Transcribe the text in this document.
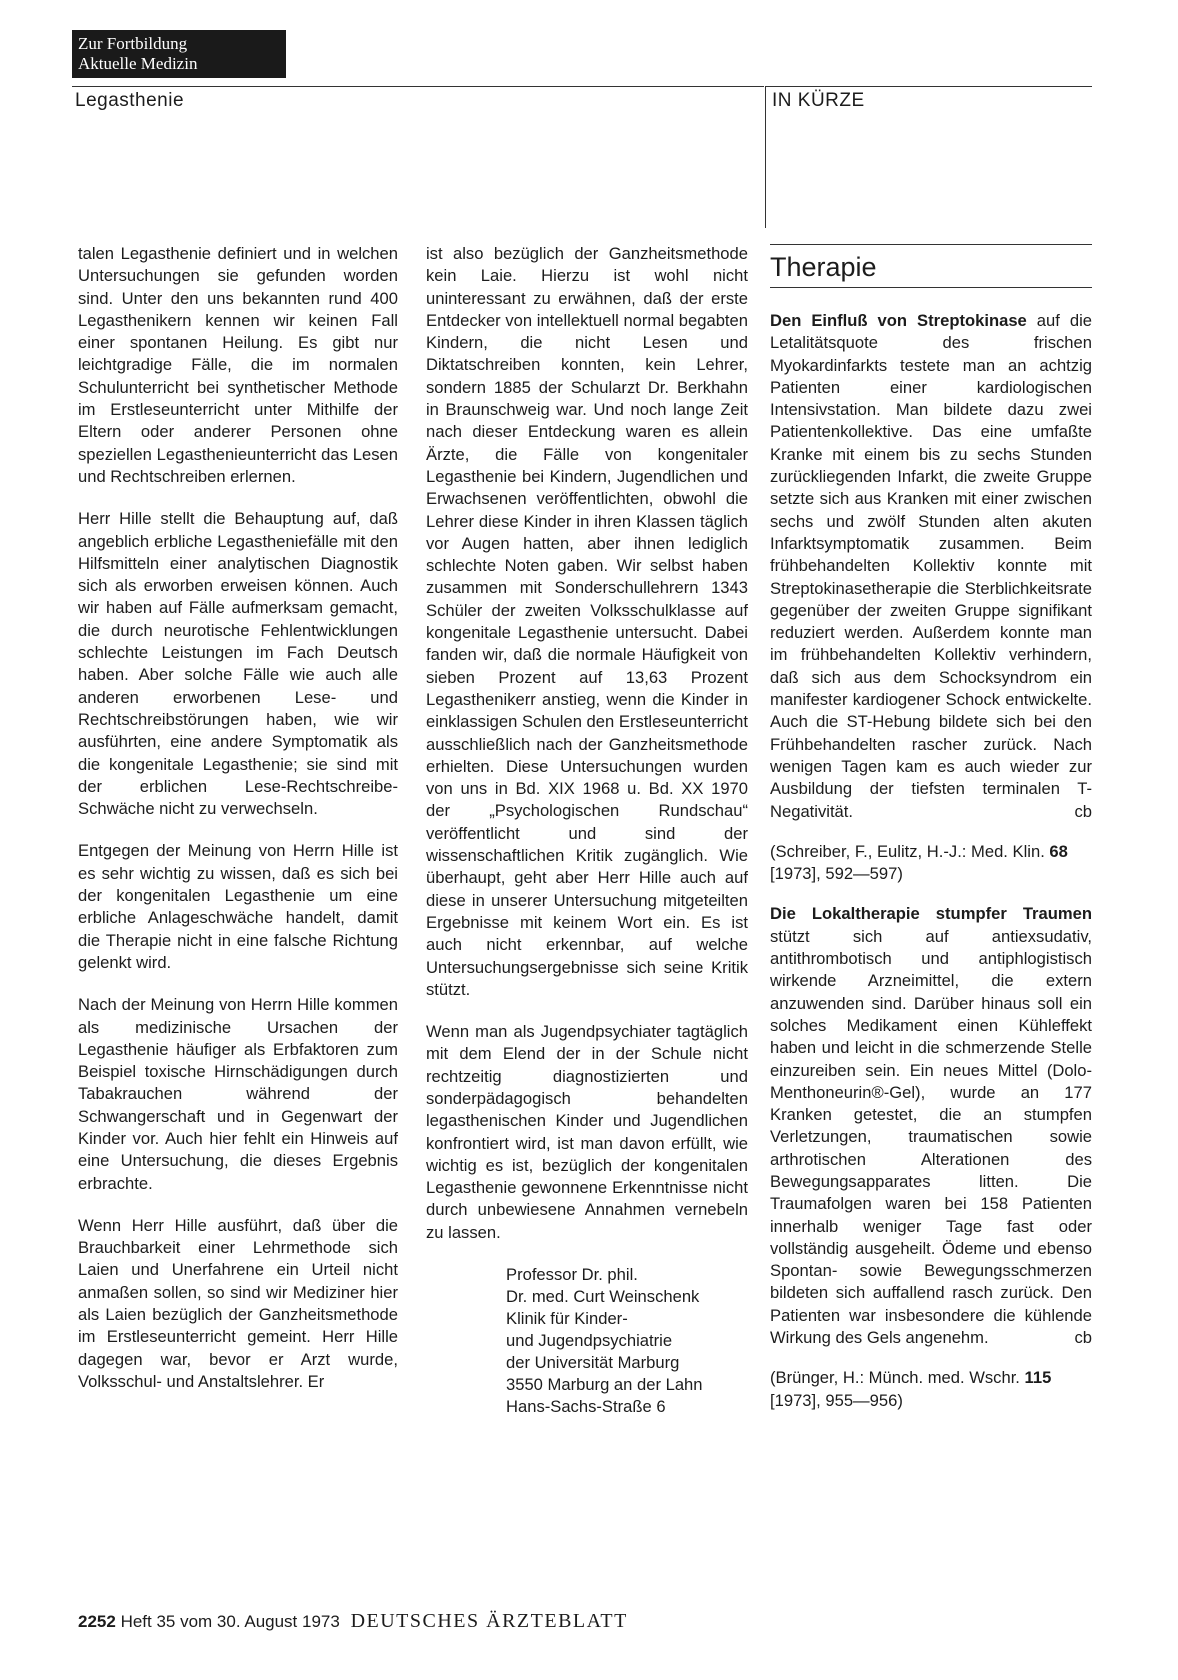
Zur Fortbildung
Aktuelle Medizin
Legasthenie	IN KÜRZE

talen Legasthenie definiert und in welchen Untersuchungen sie gefunden worden sind. Unter den uns bekannten rund 400 Legasthenikern kennen wir keinen Fall einer spontanen Heilung. Es gibt nur leichtgradige Fälle, die im normalen Schulunterricht bei synthetischer Methode im Erstleseunterricht unter Mithilfe der Eltern oder anderer Personen ohne speziellen Legasthenieunterricht das Lesen und Rechtschreiben erlernen.

Herr Hille stellt die Behauptung auf, daß angeblich erbliche Legastheniefälle mit den Hilfsmitteln einer analytischen Diagnostik sich als erworben erweisen können. Auch wir haben auf Fälle aufmerksam gemacht, die durch neurotische Fehlentwicklungen schlechte Leistungen im Fach Deutsch haben. Aber solche Fälle wie auch alle anderen erworbenen Lese- und Rechtschreibstörungen haben, wie wir ausführten, eine andere Symptomatik als die kongenitale Legasthenie; sie sind mit der erblichen Lese-Rechtschreibe-Schwäche nicht zu verwechseln.

Entgegen der Meinung von Herrn Hille ist es sehr wichtig zu wissen, daß es sich bei der kongenitalen Legasthenie um eine erbliche Anlageschwäche handelt, damit die Therapie nicht in eine falsche Richtung gelenkt wird.

Nach der Meinung von Herrn Hille kommen als medizinische Ursachen der Legasthenie häufiger als Erbfaktoren zum Beispiel toxische Hirnschädigungen durch Tabakrauchen während der Schwangerschaft und in Gegenwart der Kinder vor. Auch hier fehlt ein Hinweis auf eine Untersuchung, die dieses Ergebnis erbrachte.

Wenn Herr Hille ausführt, daß über die Brauchbarkeit einer Lehrmethode sich Laien und Unerfahrene ein Urteil nicht anmaßen sollen, so sind wir Mediziner hier als Laien bezüglich der Ganzheitsmethode im Erstleseunterricht gemeint. Herr Hille dagegen war, bevor er Arzt wurde, Volksschul- und Anstaltslehrer. Er

ist also bezüglich der Ganzheitsmethode kein Laie. Hierzu ist wohl nicht uninteressant zu erwähnen, daß der erste Entdecker von intellektuell normal begabten Kindern, die nicht Lesen und Diktatschreiben konnten, kein Lehrer, sondern 1885 der Schularzt Dr. Berkhahn in Braunschweig war. Und noch lange Zeit nach dieser Entdeckung waren es allein Ärzte, die Fälle von kongenitaler Legasthenie bei Kindern, Jugendlichen und Erwachsenen veröffentlichten, obwohl die Lehrer diese Kinder in ihren Klassen täglich vor Augen hatten, aber ihnen lediglich schlechte Noten gaben. Wir selbst haben zusammen mit Sonderschullehrern 1343 Schüler der zweiten Volksschulklasse auf kongenitale Legasthenie untersucht. Dabei fanden wir, daß die normale Häufigkeit von sieben Prozent auf 13,63 Prozent Legasthenikerr anstieg, wenn die Kinder in einklassigen Schulen den Erstleseunterricht ausschließlich nach der Ganzheitsmethode erhielten. Diese Untersuchungen wurden von uns in Bd. XIX 1968 u. Bd. XX 1970 der „Psychologischen Rundschau“ veröffentlicht und sind der wissenschaftlichen Kritik zugänglich. Wie überhaupt, geht aber Herr Hille auch auf diese in unserer Untersuchung mitgeteilten Ergebnisse mit keinem Wort ein. Es ist auch nicht erkennbar, auf welche Untersuchungsergebnisse sich seine Kritik stützt.

Wenn man als Jugendpsychiater tagtäglich mit dem Elend der in der Schule nicht rechtzeitig diagnostizierten und sonderpädagogisch behandelten legasthenischen Kinder und Jugendlichen konfrontiert wird, ist man davon erfüllt, wie wichtig es ist, bezüglich der kongenitalen Legasthenie gewonnene Erkenntnisse nicht durch unbewiesene Annahmen vernebeln zu lassen.

Professor Dr. phil.
Dr. med. Curt Weinschenk
Klinik für Kinder-
und Jugendpsychiatrie
der Universität Marburg
3550 Marburg an der Lahn
Hans-Sachs-Straße 6
Therapie

Den Einfluß von Streptokinase auf die Letalitätsquote des frischen Myokardinfarkts testete man an achtzig Patienten einer kardiologischen Intensivstation. Man bildete dazu zwei Patientenkollektive. Das eine umfaßte Kranke mit einem bis zu sechs Stunden zurückliegenden Infarkt, die zweite Gruppe setzte sich aus Kranken mit einer zwischen sechs und zwölf Stunden alten akuten Infarktsymptomatik zusammen. Beim frühbehandelten Kollektiv konnte mit Streptokinasetherapie die Sterblichkeitsrate gegenüber der zweiten Gruppe signifikant reduziert werden. Außerdem konnte man im frühbehandelten Kollektiv verhindern, daß sich aus dem Schocksyndrom ein manifester kardiogener Schock entwickelte. Auch die ST-Hebung bildete sich bei den Frühbehandelten rascher zurück. Nach wenigen Tagen kam es auch wieder zur Ausbildung der tiefsten terminalen T-Negativität.	cb

(Schreiber, F., Eulitz, H.-J.: Med. Klin. 68 [1973], 592—597)

Die Lokaltherapie stumpfer Traumen stützt sich auf antiexsudativ, antithrombotisch und antiphlogistisch wirkende Arzneimittel, die extern anzuwenden sind. Darüber hinaus soll ein solches Medikament einen Kühleffekt haben und leicht in die schmerzende Stelle einzureiben sein. Ein neues Mittel (Dolo-Menthoneurin®-Gel), wurde an 177 Kranken getestet, die an stumpfen Verletzungen, traumatischen sowie arthrotischen Alterationen des Bewegungsapparates litten. Die Traumafolgen waren bei 158 Patienten innerhalb weniger Tage fast oder vollständig ausgeheilt. Ödeme und ebenso Spontan- sowie Bewegungsschmerzen bildeten sich auffallend rasch zurück. Den Patienten war insbesondere die kühlende Wirkung des Gels angenehm.	cb

(Brünger, H.: Münch. med. Wschr. 115 [1973], 955—956)

2252 Heft 35 vom 30. August 1973 DEUTSCHES ÄRZTEBLATT
